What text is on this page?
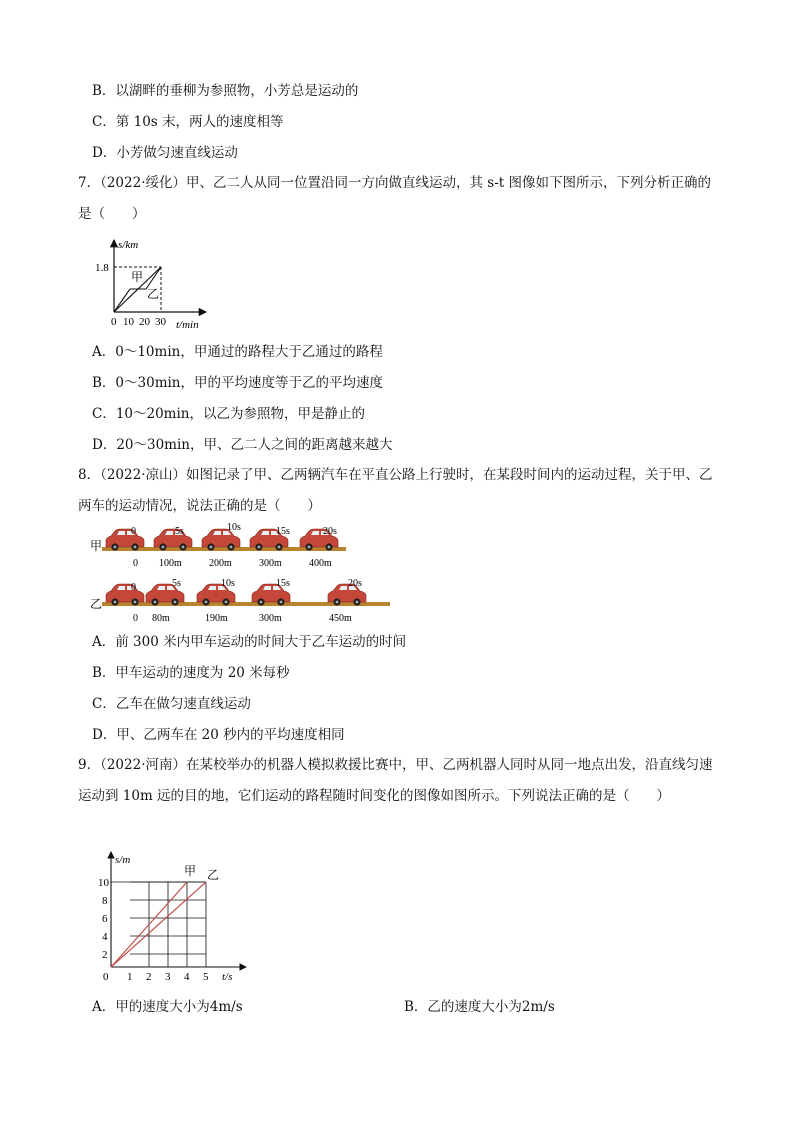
B．以湖畔的垂柳为参照物，小芳总是运动的
C．第 10s 末，两人的速度相等
D．小芳做匀速直线运动
7．（2022·绥化）甲、乙二人从同一位置沿同一方向做直线运动，其 s-t 图像如下图所示，下列分析正确的是（　　）
s/km
1.8
甲
乙
0 10 20 30 t/min
A．0～10min，甲通过的路程大于乙通过的路程
B．0～30min，甲的平均速度等于乙的平均速度
C．10～20min，以乙为参照物，甲是静止的
D．20～30min，甲、乙二人之间的距离越来越大
8．（2022·凉山）如图记录了甲、乙两辆汽车在平直公路上行驶时，在某段时间内的运动过程，关于甲、乙两车的运动情况，说法正确的是（　　）
甲
0	5s	10s	15s	20s
0 100m	200m	300m	400m
乙
0	5s	10s	15s	20s
0 80m	190m	300m	450m
A．前 300 米内甲车运动的时间大于乙车运动的时间
B．甲车运动的速度为 20 米每秒
C．乙车在做匀速直线运动
D．甲、乙两车在 20 秒内的平均速度相同
9．（2022·河南）在某校举办的机器人模拟救援比赛中，甲、乙两机器人同时从同一地点出发，沿直线匀速运动到 10m 远的目的地，它们运动的路程随时间变化的图像如图所示。下列说法正确的是（　　）
s/m
甲 乙
10
8
6
4
2
0 1 2 3 4 5 t/s
A．甲的速度大小为4m/s	B．乙的速度大小为2m/s
